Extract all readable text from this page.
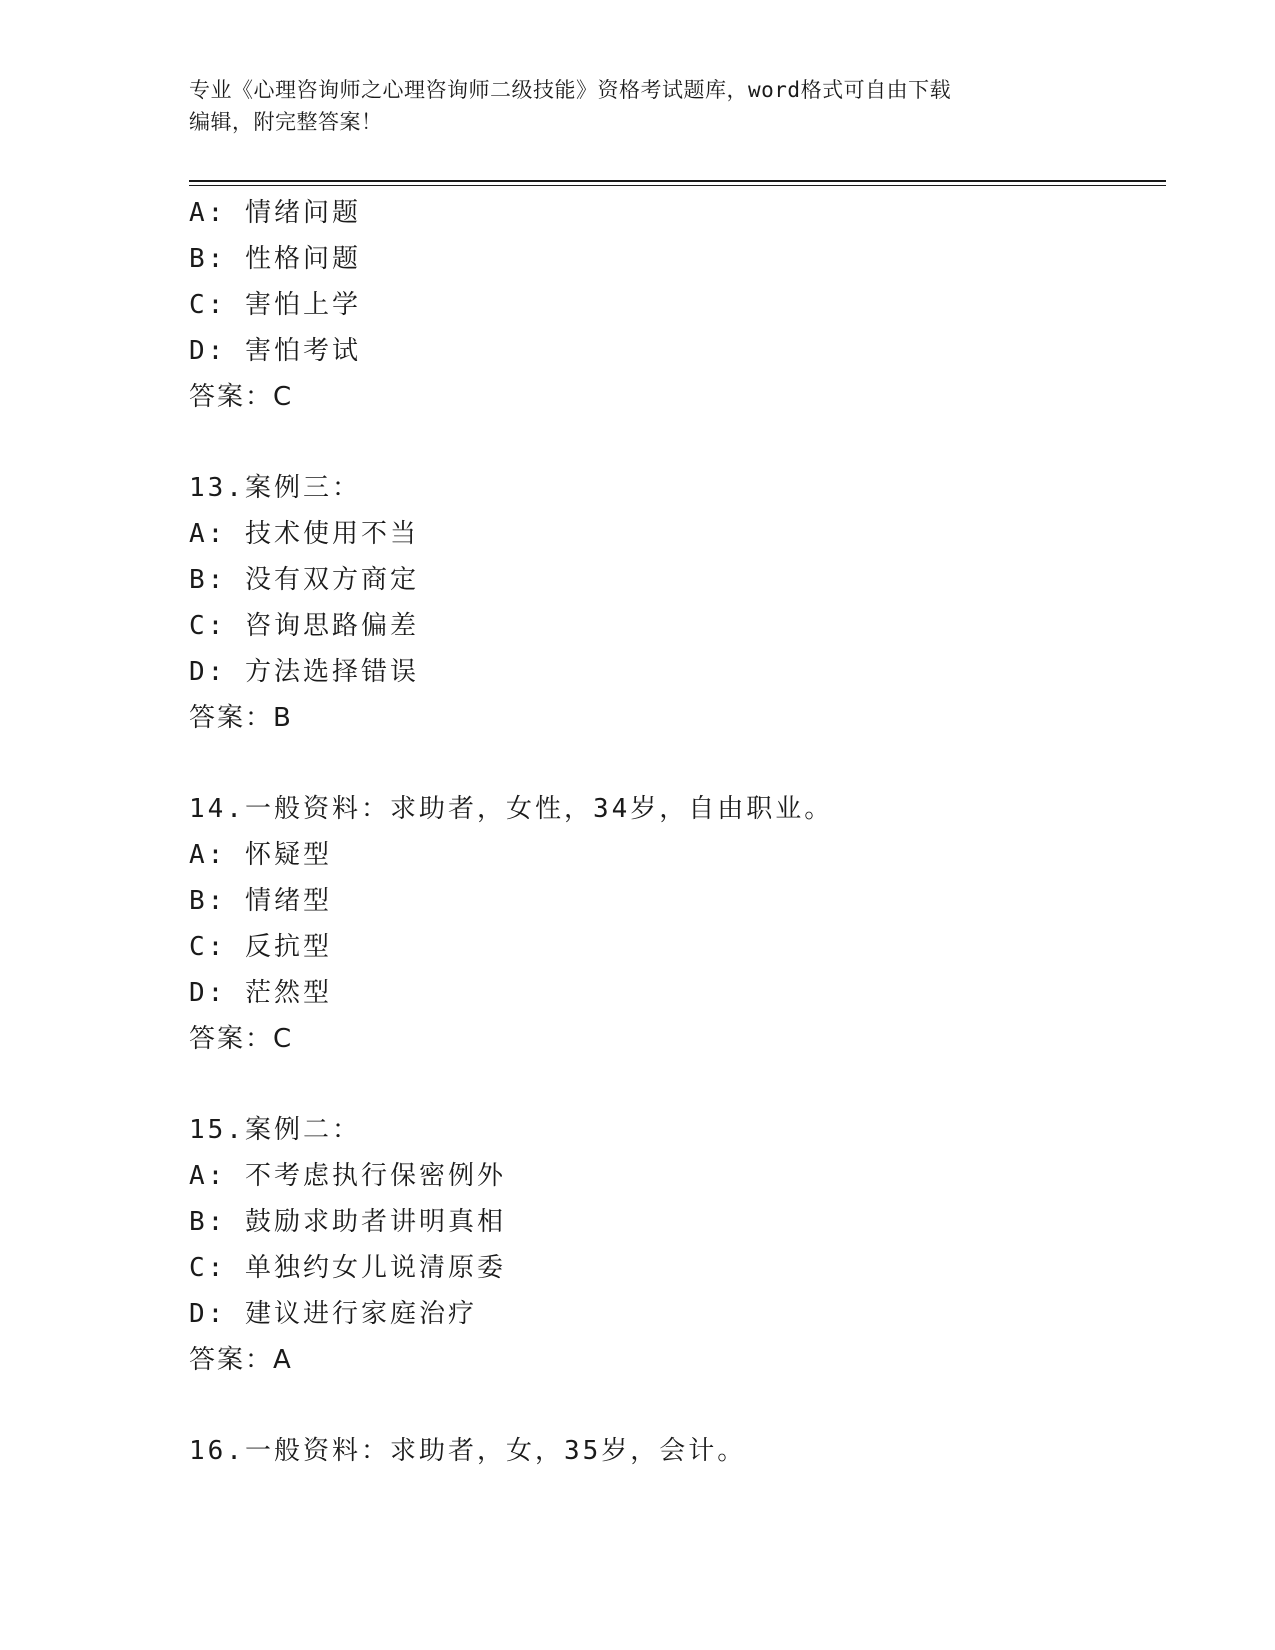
专业《心理咨询师之心理咨询师二级技能》资格考试题库，word格式可自由下载
编辑，附完整答案！
A: 情绪问题
B: 性格问题
C: 害怕上学
D: 害怕考试
答案：C
13.案例三：
A: 技术使用不当
B: 没有双方商定
C: 咨询思路偏差
D: 方法选择错误
答案：B
14.一般资料：求助者，女性，34岁，自由职业。
A: 怀疑型
B: 情绪型
C: 反抗型
D: 茫然型
答案：C
15.案例二：
A: 不考虑执行保密例外
B: 鼓励求助者讲明真相
C: 单独约女儿说清原委
D: 建议进行家庭治疗
答案：A
16.一般资料：求助者，女，35岁，会计。
